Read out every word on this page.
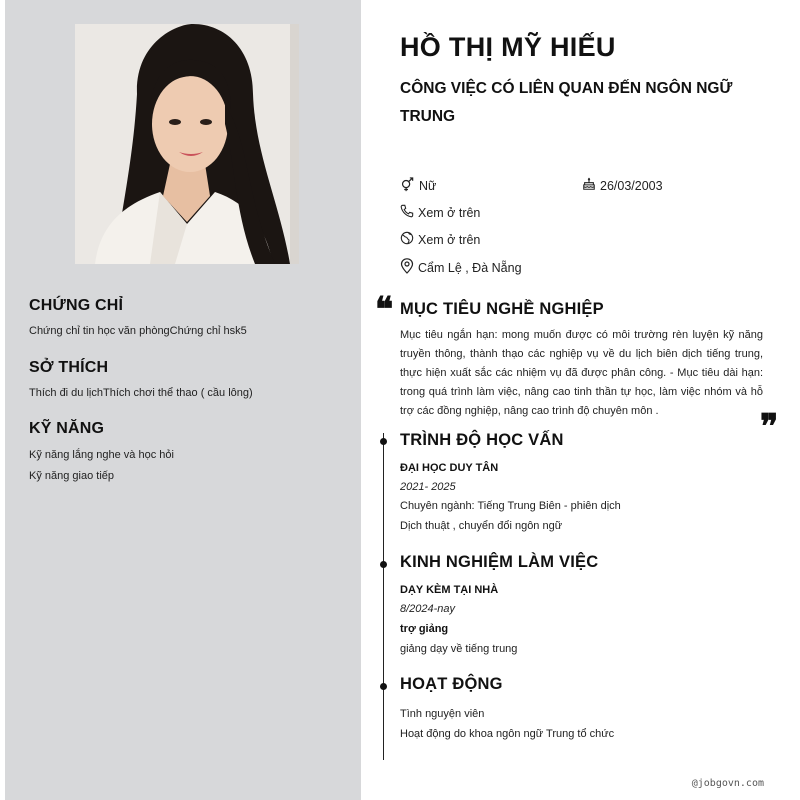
CHỨNG CHỈ
Chứng chỉ tin học văn phòngChứng chỉ hsk5
SỞ THÍCH
Thích đi du lịchThích chơi thể thao ( cầu lông)
KỸ NĂNG
Kỹ năng lắng nghe và học hỏi
Kỹ năng giao tiếp
HỒ THỊ MỸ HIẾU
CÔNG VIỆC CÓ LIÊN QUAN ĐẾN NGÔN NGỮ TRUNG
Nữ	26/03/2003
Xem ở trên
Xem ở trên
Cẩm Lệ , Đà Nẵng
❝ MỤC TIÊU NGHỀ NGHIỆP
Mục tiêu ngắn hạn: mong muốn được có môi trường rèn luyện kỹ năng truyền thông, thành thạo các nghiệp vụ về du lịch biên dịch tiếng trung, thực hiện xuất sắc các nhiệm vụ đã được phân công. - Mục tiêu dài hạn: trong quá trình làm việc, nâng cao tinh thần tự học, làm việc nhóm và hỗ trợ các đồng nghiệp, nâng cao trình độ chuyên môn .	❞
TRÌNH ĐỘ HỌC VẤN
ĐẠI HỌC DUY TÂN
2021- 2025
Chuyên ngành: Tiếng Trung Biên - phiên dịch
Dịch thuật , chuyển đổi ngôn ngữ
KINH NGHIỆM LÀM VIỆC
DẠY KÈM TẠI NHÀ
8/2024-nay
trợ giảng
giảng dạy về tiếng trung
HOẠT ĐỘNG
Tình nguyện viên
Hoạt động do khoa ngôn ngữ Trung tổ chức
@jobgovn.com
